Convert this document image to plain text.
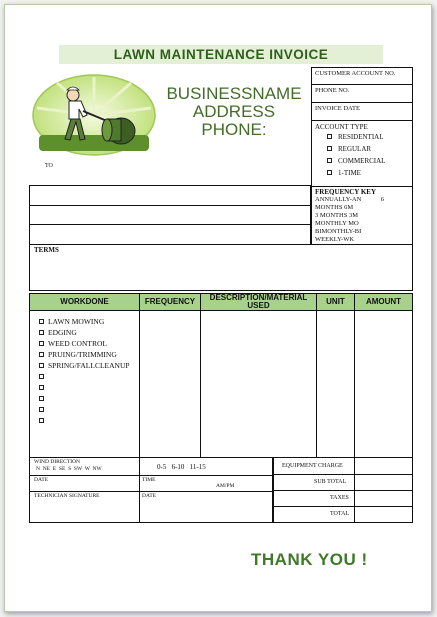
LAWN MAINTENANCE INVOICE
BUSINESSNAME
ADDRESS
PHONE:
TO
CUSTOMER ACCOUNT NO.
PHONE NO.
INVOICE DATE
ACCOUNT TYPE
RESIDENTIAL
REGULAR
COMMERCIAL
1-TIME
FREQUENCY KEY
ANNUALLY-AN            6
MONTHS 6M
3 MONTHS 3M
MONTHLY MO
BIMONTHLY-BI
WEEKLY-WK
TERMS
WORKDONE	FREQUENCY	DESCRIPTION/MATERIAL USED	UNIT	AMOUNT
LAWN MOWING
EDGING
WEED CONTROL
PRUING/TRIMMING
SPRING/FALLCLEANUP
WIND DIRECTION
N  NE  E  SE  S  SW  W  NW	0-5   6-10   11-15
DATE	TIME
AM/PM
TECHNICIAN SIGNATURE	DATE
EQUIPMENT CHARGE
SUB TOTAL
TAXES
TOTAL
THANK YOU !
